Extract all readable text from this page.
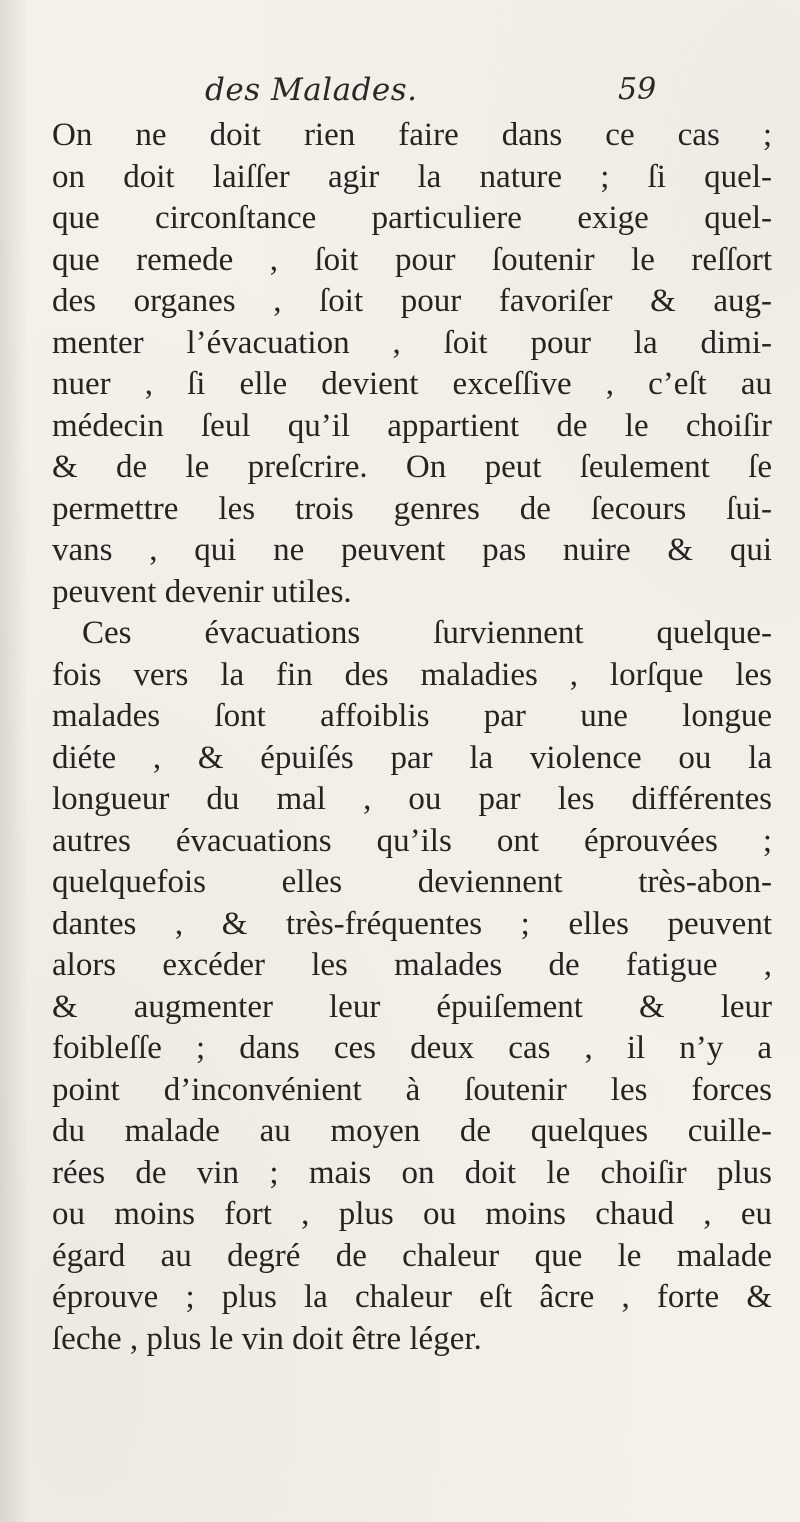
des Malades.	59
On ne doit rien faire dans ce cas ;
on doit laiſſer agir la nature ; ſi quel-
que circonſtance particuliere exige quel-
que remede , ſoit pour ſoutenir le reſſort
des organes , ſoit pour favoriſer & aug-
menter l’évacuation , ſoit pour la dimi-
nuer , ſi elle devient exceſſive , c’eſt au
médecin ſeul qu’il appartient de le choiſir
& de le preſcrire. On peut ſeulement ſe
permettre les trois genres de ſecours ſui-
vans , qui ne peuvent pas nuire & qui
peuvent devenir utiles.
Ces évacuations ſurviennent quelque-
fois vers la fin des maladies , lorſque les
malades ſont affoiblis par une longue
diéte , & épuiſés par la violence ou la
longueur du mal , ou par les différentes
autres évacuations qu’ils ont éprouvées ;
quelquefois elles deviennent très-abon-
dantes , & très-fréquentes ; elles peuvent
alors excéder les malades de fatigue ,
& augmenter leur épuiſement & leur
foibleſſe ; dans ces deux cas , il n’y a
point d’inconvénient à ſoutenir les forces
du malade au moyen de quelques cuille-
rées de vin ; mais on doit le choiſir plus
ou moins fort , plus ou moins chaud , eu
égard au degré de chaleur que le malade
éprouve ; plus la chaleur eſt âcre , forte &
ſeche , plus le vin doit être léger.
